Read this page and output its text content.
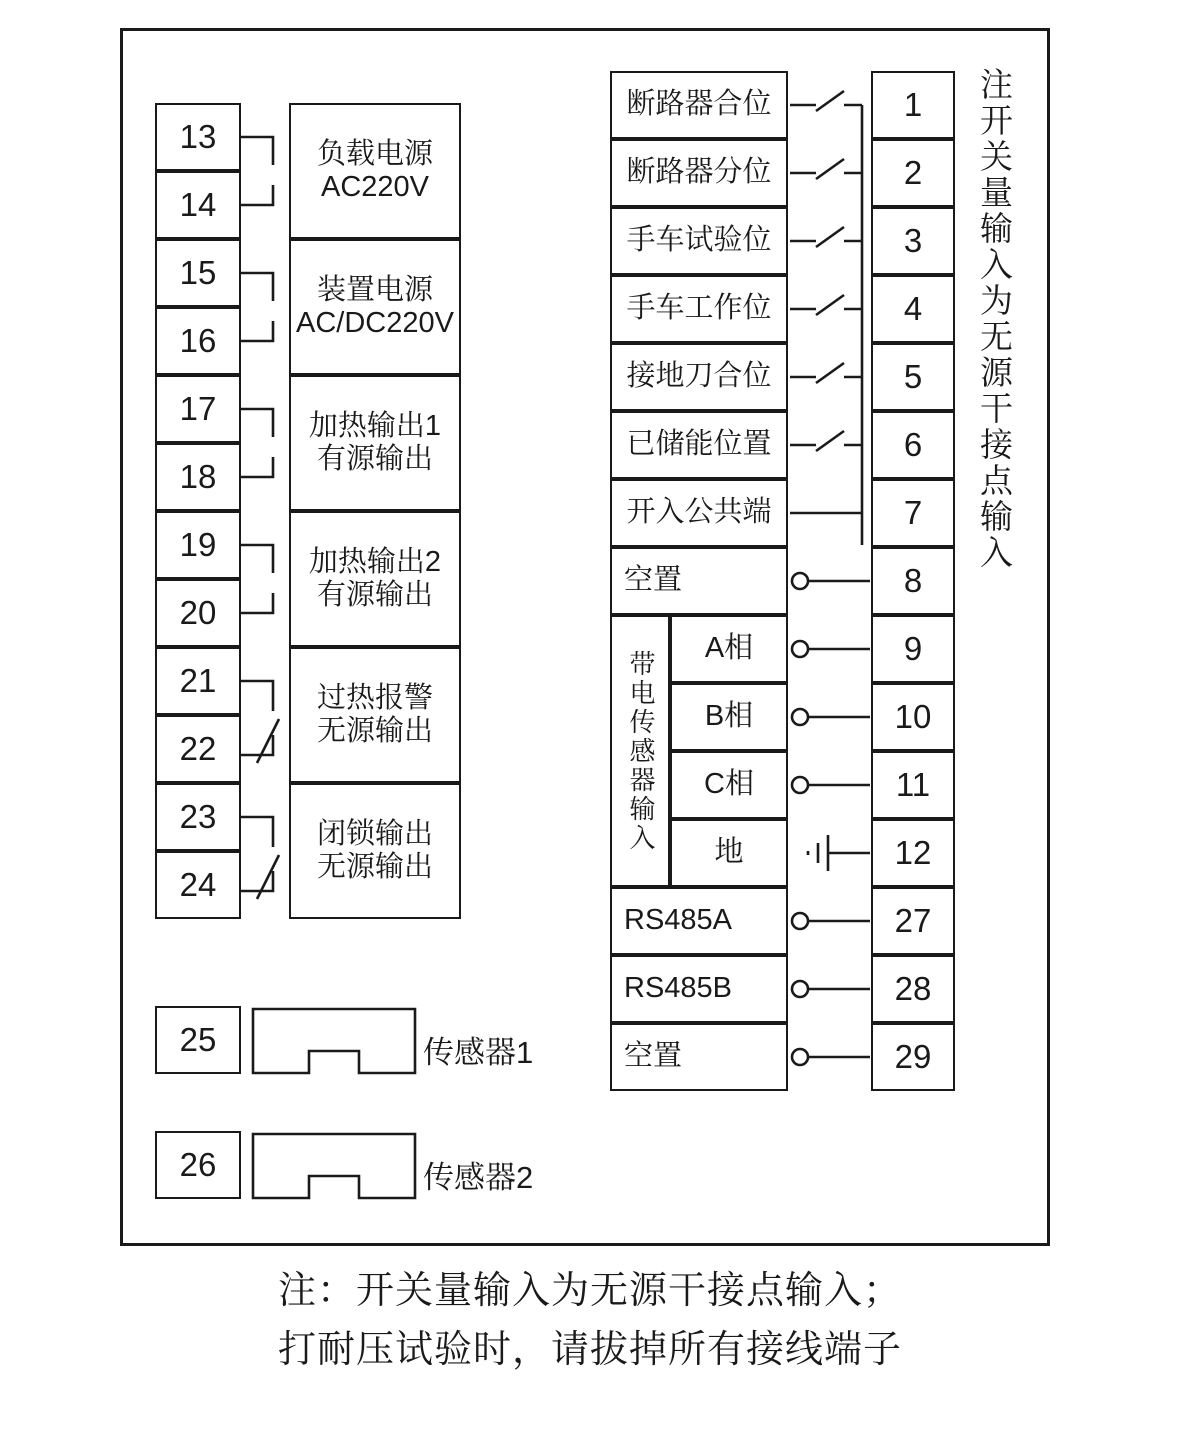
13
14
15
16
17
18
19
20
21
22
23
24
负载电源
AC220V
装置电源
AC/DC220V
加热输出1
有源输出
加热输出2
有源输出
过热报警
无源输出
闭锁输出
无源输出
25
26
传感器1
传感器2
断路器合位
断路器分位
手车试验位
手车工作位
接地刀合位
已储能位置
开入公共端
空置
带电传感器输入
A相
B相
C相
地
RS485A
RS485B
空置
1
2
3
4
5
6
7
8
9
10
11
12
27
28
29
注开关量输入为无源干接点输入
注：开关量输入为无源干接点输入；
打耐压试验时，请拔掉所有接线端子
